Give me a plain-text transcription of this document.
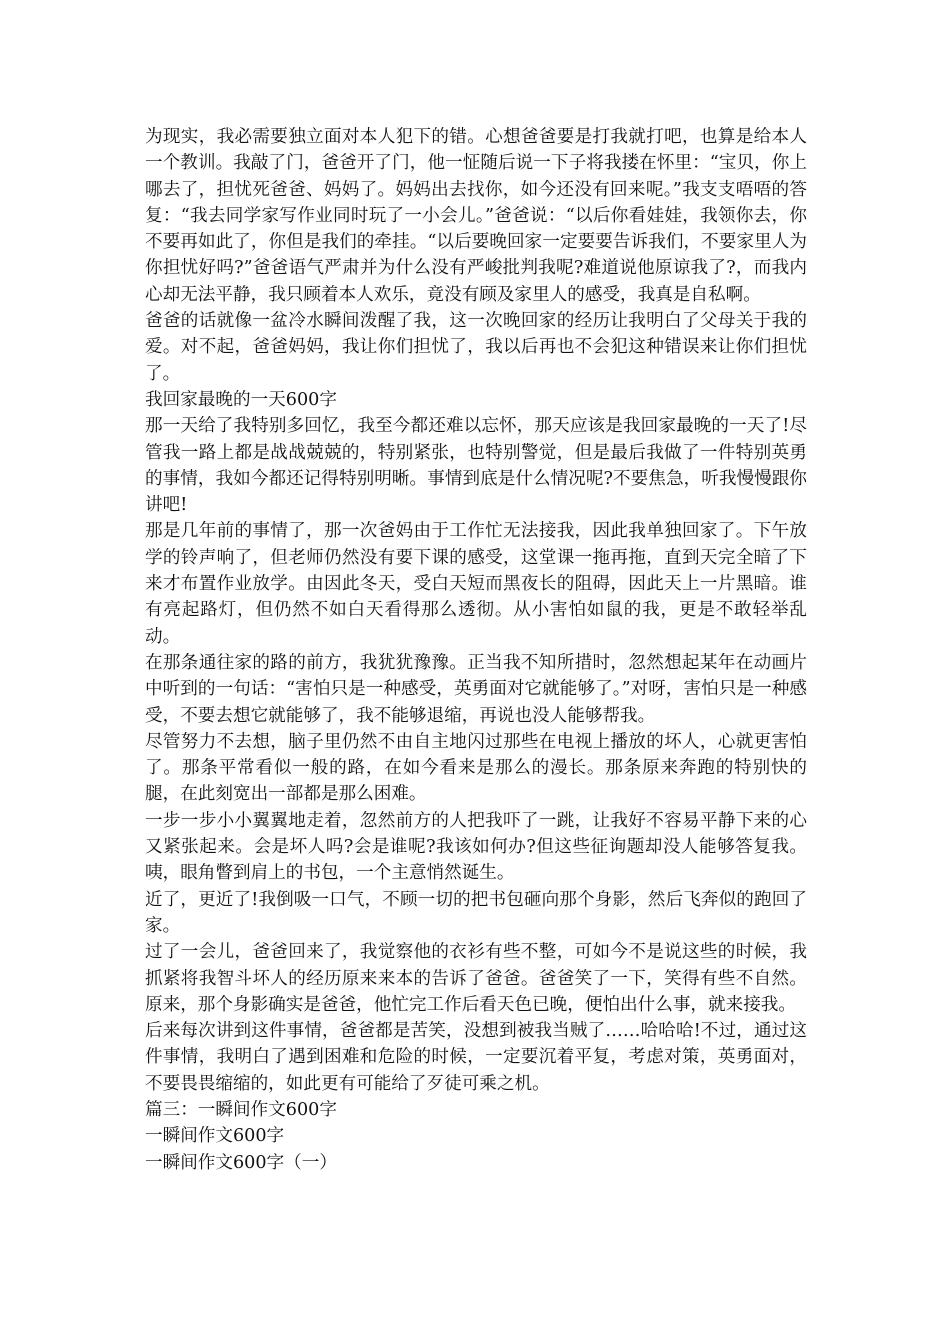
为现实，我必需要独立面对本人犯下的错。心想爸爸要是打我就打吧，也算是给本人一个教训。我敲了门，爸爸开了门，他一怔随后说一下子将我搂在怀里：“宝贝，你上哪去了，担忧死爸爸、妈妈了。妈妈出去找你，如今还没有回来呢。”我支支唔唔的答复：“我去同学家写作业同时玩了一小会儿。”爸爸说：“以后你看娃娃，我领你去，你不要再如此了，你但是我们的牵挂。“以后要晚回家一定要要告诉我们，不要家里人为你担忧好吗?”爸爸语气严肃并为什么没有严峻批判我呢?难道说他原谅我了?，而我内心却无法平静，我只顾着本人欢乐，竟没有顾及家里人的感受，我真是自私啊。

爸爸的话就像一盆冷水瞬间泼醒了我，这一次晚回家的经历让我明白了父母关于我的爱。对不起，爸爸妈妈，我让你们担忧了，我以后再也不会犯这种错误来让你们担忧了。

我回家最晚的一天600字

那一天给了我特别多回忆，我至今都还难以忘怀，那天应该是我回家最晚的一天了!尽管我一路上都是战战兢兢的，特别紧张，也特别警觉，但是最后我做了一件特别英勇的事情，我如今都还记得特别明晰。事情到底是什么情况呢?不要焦急，听我慢慢跟你讲吧!

那是几年前的事情了，那一次爸妈由于工作忙无法接我，因此我单独回家了。下午放学的铃声响了，但老师仍然没有要下课的感受，这堂课一拖再拖，直到天完全暗了下来才布置作业放学。由因此冬天，受白天短而黑夜长的阻碍，因此天上一片黑暗。谁有亮起路灯，但仍然不如白天看得那么透彻。从小害怕如鼠的我，更是不敢轻举乱动。

在那条通往家的路的前方，我犹犹豫豫。正当我不知所措时，忽然想起某年在动画片中听到的一句话：“害怕只是一种感受，英勇面对它就能够了。”对呀，害怕只是一种感受，不要去想它就能够了，我不能够退缩，再说也没人能够帮我。

尽管努力不去想，脑子里仍然不由自主地闪过那些在电视上播放的坏人，心就更害怕了。那条平常看似一般的路，在如今看来是那么的漫长。那条原来奔跑的特别快的腿，在此刻宽出一部都是那么困难。

一步一步小小翼翼地走着，忽然前方的人把我吓了一跳，让我好不容易平静下来的心又紧张起来。会是坏人吗?会是谁呢?我该如何办?但这些征询题却没人能够答复我。咦，眼角瞥到肩上的书包，一个主意悄然诞生。

近了，更近了!我倒吸一口气，不顾一切的把书包砸向那个身影，然后飞奔似的跑回了家。

过了一会儿，爸爸回来了，我觉察他的衣衫有些不整，可如今不是说这些的时候，我抓紧将我智斗坏人的经历原来来本的告诉了爸爸。爸爸笑了一下，笑得有些不自然。原来，那个身影确实是爸爸，他忙完工作后看天色已晚，便怕出什么事，就来接我。

后来每次讲到这件事情，爸爸都是苦笑，没想到被我当贼了……哈哈哈!不过，通过这件事情，我明白了遇到困难和危险的时候，一定要沉着平复，考虑对策，英勇面对，不要畏畏缩缩的，如此更有可能给了歹徒可乘之机。

篇三：一瞬间作文600字

一瞬间作文600字

一瞬间作文600字（一）
